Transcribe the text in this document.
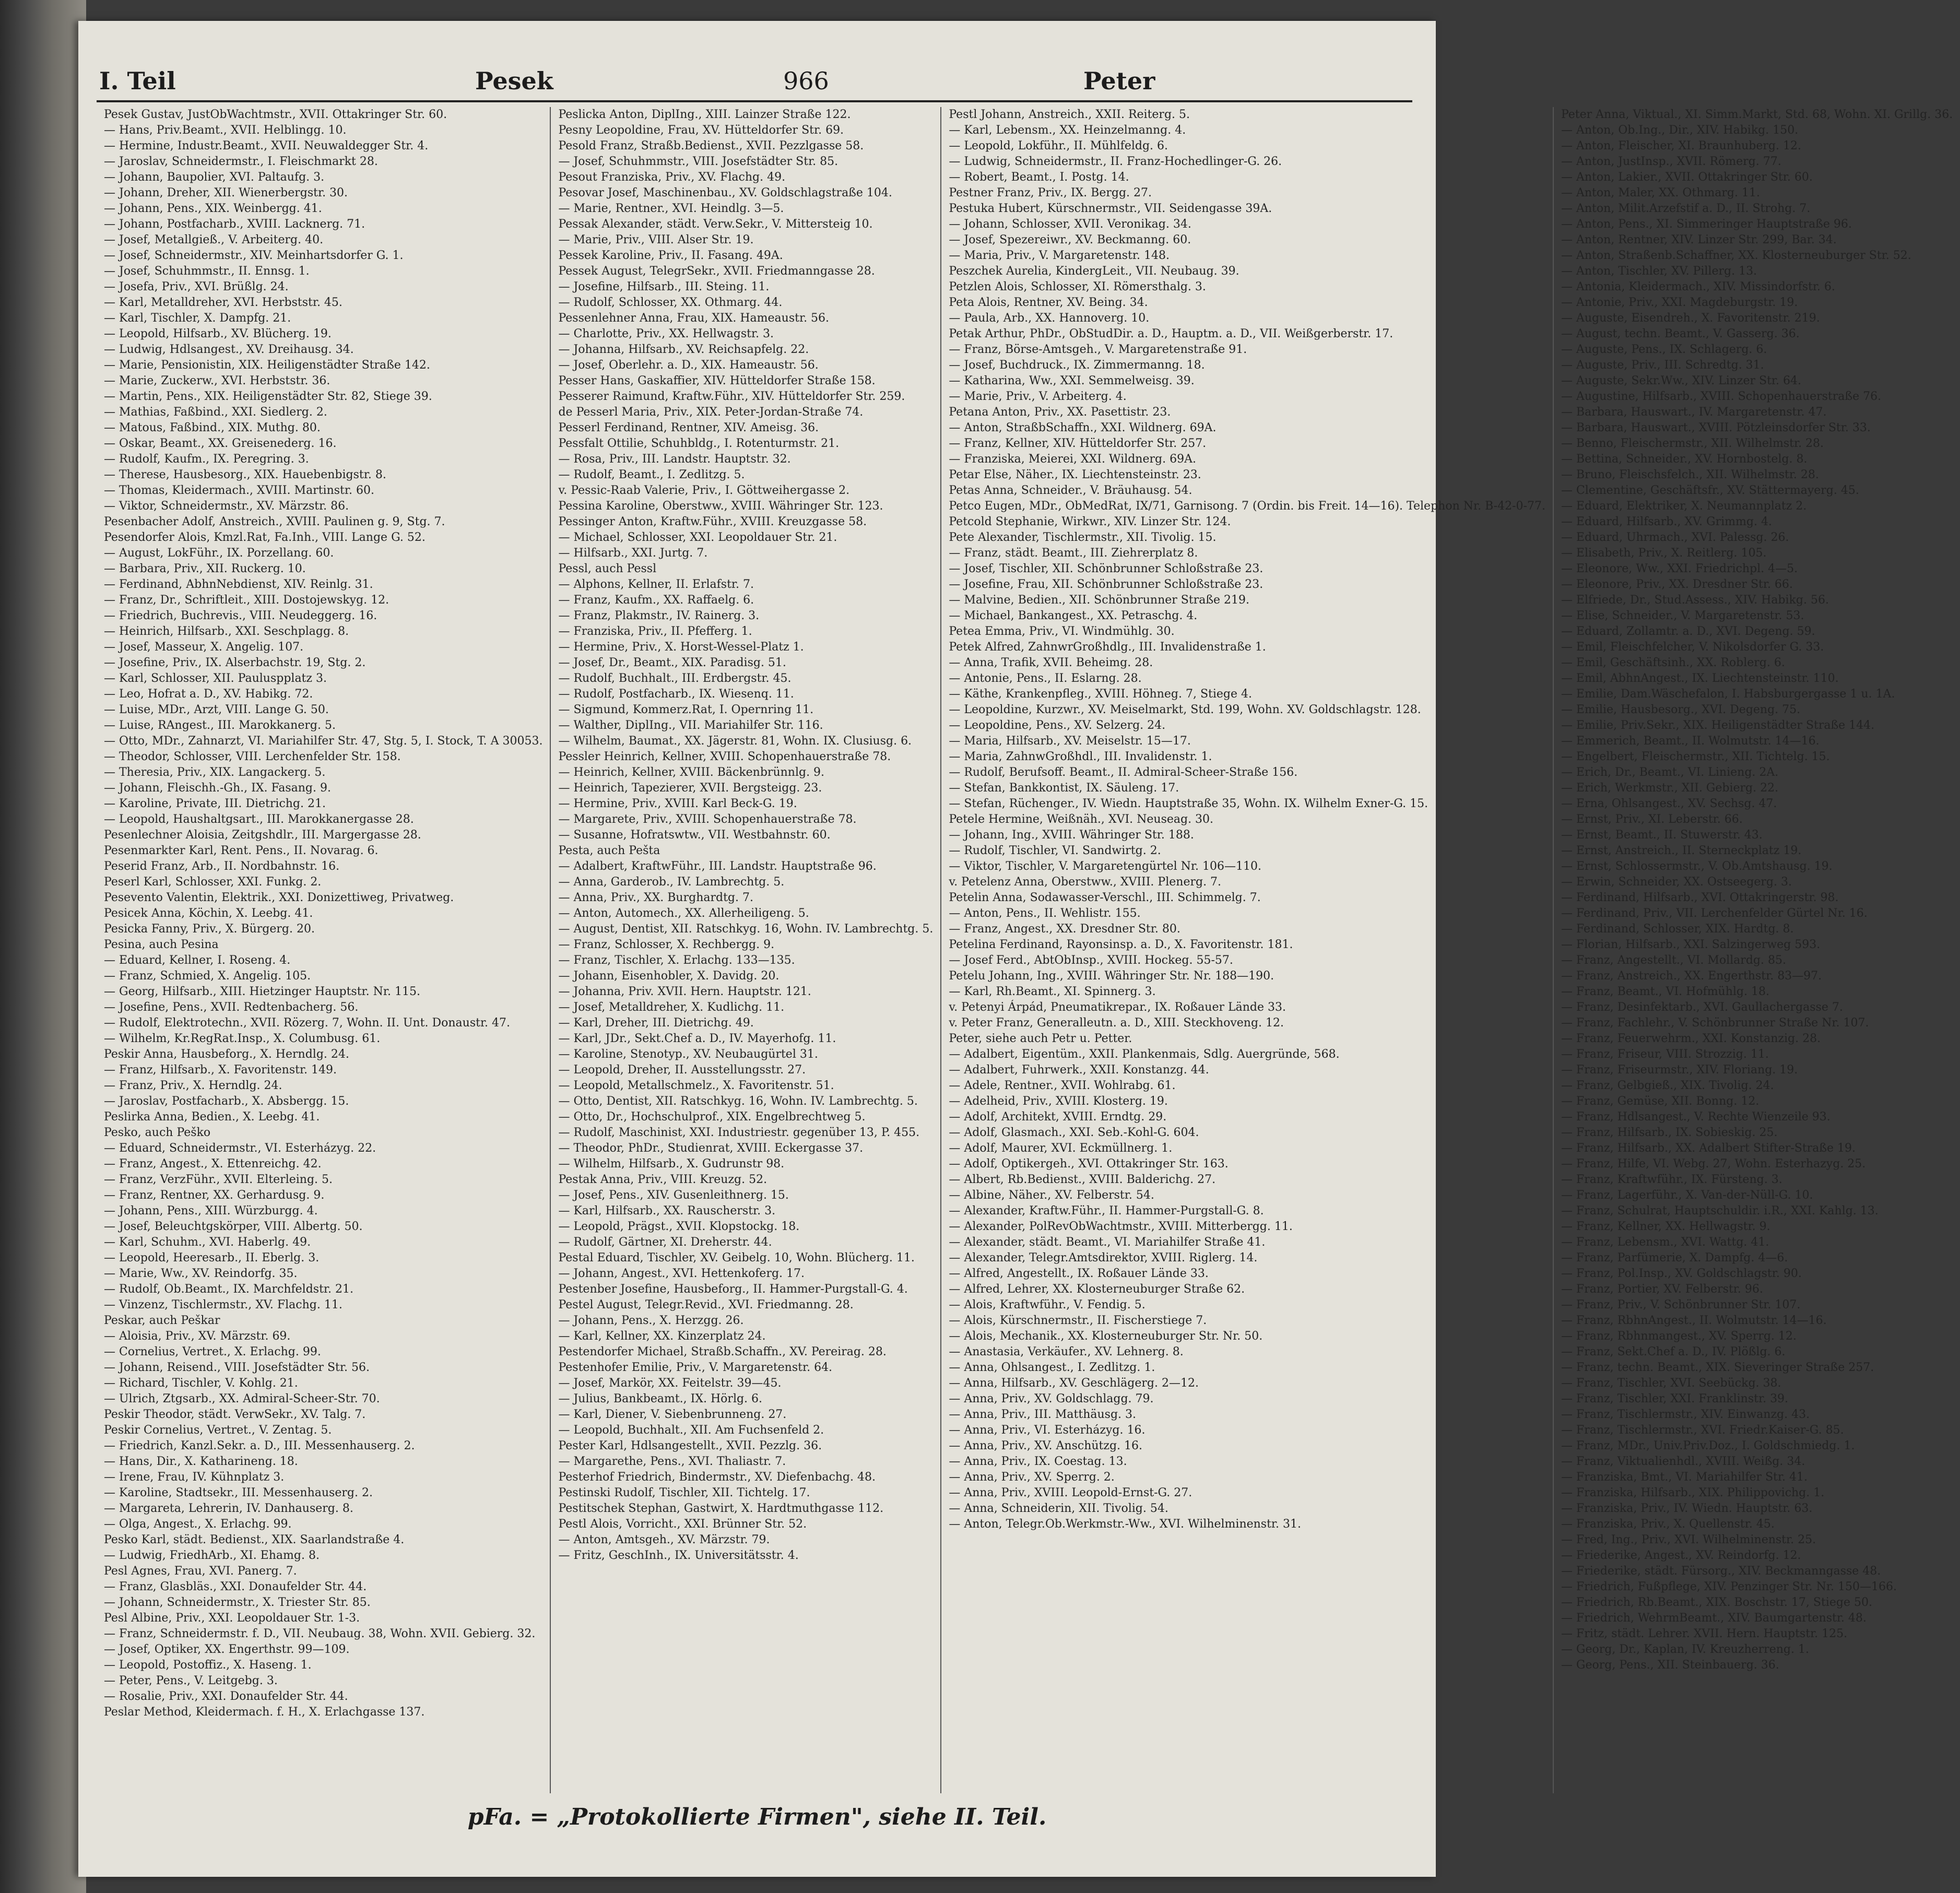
I. Teil	Pesek	966	Peter

Pesek Gustav, JustObWachtmstr., XVII. Ottakringer Str. 60.

— Hans, Priv.Beamt., XVII. Helblingg. 10.

— Hermine, Industr.Beamt., XVII. Neuwaldegger Str. 4.

— Jaroslav, Schneidermstr., I. Fleischmarkt 28.

— Johann, Baupolier, XVI. Paltaufg. 3.

— Johann, Dreher, XII. Wienerbergstr. 30.

— Johann, Pens., XIX. Weinbergg. 41.

— Johann, Postfacharb., XVIII. Lacknerg. 71.

— Josef, Metallgieß., V. Arbeiterg. 40.

— Josef, Schneidermstr., XIV. Meinhartsdorfer G. 1.

— Josef, Schuhmmstr., II. Ennsg. 1.

— Josefa, Priv., XVI. Brüßlg. 24.

— Karl, Metalldreher, XVI. Herbststr. 45.

— Karl, Tischler, X. Dampfg. 21.

— Leopold, Hilfsarb., XV. Blücherg. 19.

— Ludwig, Hdlsangest., XV. Dreihausg. 34.

— Marie, Pensionistin, XIX. Heiligenstädter Straße 142.

— Marie, Zuckerw., XVI. Herbststr. 36.

— Martin, Pens., XIX. Heiligenstädter Str. 82, Stiege 39.

— Mathias, Faßbind., XXI. Siedlerg. 2.

— Matous, Faßbind., XIX. Muthg. 80.

— Oskar, Beamt., XX. Greisenederg. 16.

— Rudolf, Kaufm., IX. Peregring. 3.

— Therese, Hausbesorg., XIX. Hauebenbigstr. 8.

— Thomas, Kleidermach., XVIII. Martinstr. 60.

— Viktor, Schneidermstr., XV. Märzstr. 86.

Pesenbacher Adolf, Anstreich., XVIII. Paulinen g. 9, Stg. 7.

Pesendorfer Alois, Kmzl.Rat, Fa.Inh., VIII. Lange G. 52.

— August, LokFühr., IX. Porzellang. 60.

— Barbara, Priv., XII. Ruckerg. 10.

— Ferdinand, AbhnNebdienst, XIV. Reinlg. 31.

— Franz, Dr., Schriftleit., XIII. Dostojewskyg. 12.

— Friedrich, Buchrevis., VIII. Neudeggerg. 16.

— Heinrich, Hilfsarb., XXI. Seschplagg. 8.

— Josef, Masseur, X. Angelig. 107.

— Josefine, Priv., IX. Alserbachstr. 19, Stg. 2.

— Karl, Schlosser, XII. Pauluspplatz 3.

— Leo, Hofrat a. D., XV. Habikg. 72.

— Luise, MDr., Arzt, VIII. Lange G. 50.

— Luise, RAngest., III. Marokkanerg. 5.

— Otto, MDr., Zahnarzt, VI. Mariahilfer Str. 47, Stg. 5, I. Stock, T. A 30053.

— Theodor, Schlosser, VIII. Lerchenfelder Str. 158.

— Theresia, Priv., XIX. Langackerg. 5.

— Johann, Fleischh.-Gh., IX. Fasang. 9.

— Karoline, Private, III. Dietrichg. 21.

— Leopold, Haushaltgsart., III. Marokkanergasse 28.

Pesenlechner Aloisia, Zeitgshdlr., III. Margergasse 28.

Pesenmarkter Karl, Rent. Pens., II. Novarag. 6.

Peserid Franz, Arb., II. Nordbahnstr. 16.

Peserl Karl, Schlosser, XXI. Funkg. 2.

Pesevento Valentin, Elektrik., XXI. Donizettiweg, Privatweg.

Pesicek Anna, Köchin, X. Leebg. 41.

Pesicka Fanny, Priv., X. Bürgerg. 20.

Pesina, auch Pesina

— Eduard, Kellner, I. Roseng. 4.

— Franz, Schmied, X. Angelig. 105.

— Georg, Hilfsarb., XIII. Hietzinger Hauptstr. Nr. 115.

— Josefine, Pens., XVII. Redtenbacherg. 56.

— Rudolf, Elektrotechn., XVII. Rözerg. 7, Wohn. II. Unt. Donaustr. 47.

— Wilhelm, Kr.RegRat.Insp., X. Columbusg. 61.

Peskir Anna, Hausbeforg., X. Herndlg. 24.

— Franz, Hilfsarb., X. Favoritenstr. 149.

— Franz, Priv., X. Herndlg. 24.

— Jaroslav, Postfacharb., X. Absbergg. 15.

Peslirka Anna, Bedien., X. Leebg. 41.

Pesko, auch Peško

— Eduard, Schneidermstr., VI. Esterházyg. 22.

— Franz, Angest., X. Ettenreichg. 42.

— Franz, VerzFühr., XVII. Elterleing. 5.

— Franz, Rentner, XX. Gerhardusg. 9.

— Johann, Pens., XIII. Würzburgg. 4.

— Josef, Beleuchtgskörper, VIII. Albertg. 50.

— Karl, Schuhm., XVI. Haberlg. 49.

— Leopold, Heeresarb., II. Eberlg. 3.

— Marie, Ww., XV. Reindorfg. 35.

— Rudolf, Ob.Beamt., IX. Marchfeldstr. 21.

— Vinzenz, Tischlermstr., XV. Flachg. 11.

Peskar, auch Peškar

— Aloisia, Priv., XV. Märzstr. 69.

— Cornelius, Vertret., X. Erlachg. 99.

— Johann, Reisend., VIII. Josefstädter Str. 56.

— Richard, Tischler, V. Kohlg. 21.

— Ulrich, Ztgsarb., XX. Admiral-Scheer-Str. 70.

Peskir Theodor, städt. VerwSekr., XV. Talg. 7.

Peskir Cornelius, Vertret., V. Zentag. 5.

— Friedrich, Kanzl.Sekr. a. D., III. Messenhauserg. 2.

— Hans, Dir., X. Katharineng. 18.

— Irene, Frau, IV. Kühnplatz 3.

— Karoline, Stadtsekr., III. Messenhauserg. 2.

— Margareta, Lehrerin, IV. Danhauserg. 8.

— Olga, Angest., X. Erlachg. 99.

Pesko Karl, städt. Bedienst., XIX. Saarlandstraße 4.

— Ludwig, FriedhArb., XI. Ehamg. 8.

Pesl Agnes, Frau, XVI. Panerg. 7.

— Franz, Glasbläs., XXI. Donaufelder Str. 44.

— Johann, Schneidermstr., X. Triester Str. 85.

Pesl Albine, Priv., XXI. Leopoldauer Str. 1-3.

— Franz, Schneidermstr. f. D., VII. Neubaug. 38, Wohn. XVII. Gebierg. 32.

— Josef, Optiker, XX. Engerthstr. 99—109.

— Leopold, Postoffiz., X. Haseng. 1.

— Peter, Pens., V. Leitgebg. 3.

— Rosalie, Priv., XXI. Donaufelder Str. 44.

Peslar Method, Kleidermach. f. H., X. Erlachgasse 137.

Peslicka Anton, DiplIng., XIII. Lainzer Straße 122.

Pesny Leopoldine, Frau, XV. Hütteldorfer Str. 69.

Pesold Franz, Straßb.Bedienst., XVII. Pezzlgasse 58.

— Josef, Schuhmmstr., VIII. Josefstädter Str. 85.

Pesout Franziska, Priv., XV. Flachg. 49.

Pesovar Josef, Maschinenbau., XV. Goldschlagstraße 104.

— Marie, Rentner., XVI. Heindlg. 3—5.

Pessak Alexander, städt. Verw.Sekr., V. Mittersteig 10.

— Marie, Priv., VIII. Alser Str. 19.

Pessek Karoline, Priv., II. Fasang. 49A.

Pessek August, TelegrSekr., XVII. Friedmanngasse 28.

— Josefine, Hilfsarb., III. Steing. 11.

— Rudolf, Schlosser, XX. Othmarg. 44.

Pessenlehner Anna, Frau, XIX. Hameaustr. 56.

— Charlotte, Priv., XX. Hellwagstr. 3.

— Johanna, Hilfsarb., XV. Reichsapfelg. 22.

— Josef, Oberlehr. a. D., XIX. Hameaustr. 56.

Pesser Hans, Gaskaffier, XIV. Hütteldorfer Straße 158.

Pesserer Raimund, Kraftw.Führ., XIV. Hütteldorfer Str. 259.

de Pesserl Maria, Priv., XIX. Peter-Jordan-Straße 74.

Pesserl Ferdinand, Rentner, XIV. Ameisg. 36.

Pessfalt Ottilie, Schuhbldg., I. Rotenturmstr. 21.

— Rosa, Priv., III. Landstr. Hauptstr. 32.

— Rudolf, Beamt., I. Zedlitzg. 5.

v. Pessic-Raab Valerie, Priv., I. Göttweihergasse 2.

Pessina Karoline, Oberstww., XVIII. Währinger Str. 123.

Pessinger Anton, Kraftw.Führ., XVIII. Kreuzgasse 58.

— Michael, Schlosser, XXI. Leopoldauer Str. 21.

— Hilfsarb., XXI. Jurtg. 7.

Pessl, auch Pessl

— Alphons, Kellner, II. Erlafstr. 7.

— Franz, Kaufm., XX. Raffaelg. 6.

— Franz, Plakmstr., IV. Rainerg. 3.

— Franziska, Priv., II. Pfefferg. 1.

— Hermine, Priv., X. Horst-Wessel-Platz 1.

— Josef, Dr., Beamt., XIX. Paradisg. 51.

— Rudolf, Buchhalt., III. Erdbergstr. 45.

— Rudolf, Postfacharb., IX. Wiesenq. 11.

— Sigmund, Kommerz.Rat, I. Opernring 11.

— Walther, DiplIng., VII. Mariahilfer Str. 116.

— Wilhelm, Baumat., XX. Jägerstr. 81, Wohn. IX. Clusiusg. 6.

Pessler Heinrich, Kellner, XVIII. Schopenhauerstraße 78.

— Heinrich, Kellner, XVIII. Bäckenbrünnlg. 9.

— Heinrich, Tapezierer, XVII. Bergsteigg. 23.

— Hermine, Priv., XVIII. Karl Beck-G. 19.

— Margarete, Priv., XVIII. Schopenhauerstraße 78.

— Susanne, Hofratswtw., VII. Westbahnstr. 60.

Pesta, auch Pešta

— Adalbert, KraftwFühr., III. Landstr. Hauptstraße 96.

— Anna, Garderob., IV. Lambrechtg. 5.

— Anna, Priv., XX. Burghardtg. 7.

— Anton, Automech., XX. Allerheiligeng. 5.

— August, Dentist, XII. Ratschkyg. 16, Wohn. IV. Lambrechtg. 5.

— Franz, Schlosser, X. Rechbergg. 9.

— Franz, Tischler, X. Erlachg. 133—135.

— Johann, Eisenhobler, X. Davidg. 20.

— Johanna, Priv. XVII. Hern. Hauptstr. 121.

— Josef, Metalldreher, X. Kudlichg. 11.

— Karl, Dreher, III. Dietrichg. 49.

— Karl, JDr., Sekt.Chef a. D., IV. Mayerhofg. 11.

— Karoline, Stenotyp., XV. Neubaugürtel 31.

— Leopold, Dreher, II. Ausstellungsstr. 27.

— Leopold, Metallschmelz., X. Favoritenstr. 51.

— Otto, Dentist, XII. Ratschkyg. 16, Wohn. IV. Lambrechtg. 5.

— Otto, Dr., Hochschulprof., XIX. Engelbrechtweg 5.

— Rudolf, Maschinist, XXI. Industriestr. gegenüber 13, P. 455.

— Theodor, PhDr., Studienrat, XVIII. Eckergasse 37.

— Wilhelm, Hilfsarb., X. Gudrunstr 98.

Pestak Anna, Priv., VIII. Kreuzg. 52.

— Josef, Pens., XIV. Gusenleithnerg. 15.

— Karl, Hilfsarb., XX. Rauscherstr. 3.

— Leopold, Prägst., XVII. Klopstockg. 18.

— Rudolf, Gärtner, XI. Dreherstr. 44.

Pestal Eduard, Tischler, XV. Geibelg. 10, Wohn. Blücherg. 11.

— Johann, Angest., XVI. Hettenkoferg. 17.

Pestenber Josefine, Hausbeforg., II. Hammer-Purgstall-G. 4.

Pestel August, Telegr.Revid., XVI. Friedmanng. 28.

— Johann, Pens., X. Herzgg. 26.

— Karl, Kellner, XX. Kinzerplatz 24.

Pestendorfer Michael, Straßb.Schaffn., XV. Pereirag. 28.

Pestenhofer Emilie, Priv., V. Margaretenstr. 64.

— Josef, Markör, XX. Feitelstr. 39—45.

— Julius, Bankbeamt., IX. Hörlg. 6.

— Karl, Diener, V. Siebenbrunneng. 27.

— Leopold, Buchhalt., XII. Am Fuchsenfeld 2.

Pester Karl, Hdlsangestellt., XVII. Pezzlg. 36.

— Margarethe, Pens., XVI. Thaliastr. 7.

Pesterhof Friedrich, Bindermstr., XV. Diefenbachg. 48.

Pestinski Rudolf, Tischler, XII. Tichtelg. 17.

Pestitschek Stephan, Gastwirt, X. Hardtmuthgasse 112.

Pestl Alois, Vorricht., XXI. Brünner Str. 52.

— Anton, Amtsgeh., XV. Märzstr. 79.

— Fritz, GeschInh., IX. Universitätsstr. 4.

Pestl Johann, Anstreich., XXII. Reiterg. 5.

— Karl, Lebensm., XX. Heinzelmanng. 4.

— Leopold, Lokführ., II. Mühlfeldg. 6.

— Ludwig, Schneidermstr., II. Franz-Hochedlinger-G. 26.

— Robert, Beamt., I. Postg. 14.

Pestner Franz, Priv., IX. Bergg. 27.

Pestuka Hubert, Kürschnermstr., VII. Seidengasse 39A.

— Johann, Schlosser, XVII. Veronikag. 34.

— Josef, Spezereiwr., XV. Beckmanng. 60.

— Maria, Priv., V. Margaretenstr. 148.

Peszchek Aurelia, KindergLeit., VII. Neubaug. 39.

Petzlen Alois, Schlosser, XI. Römersthalg. 3.

Peta Alois, Rentner, XV. Being. 34.

— Paula, Arb., XX. Hannoverg. 10.

Petak Arthur, PhDr., ObStudDir. a. D., Hauptm. a. D., VII. Weißgerberstr. 17.

— Franz, Börse-Amtsgeh., V. Margaretenstraße 91.

— Josef, Buchdruck., IX. Zimmermanng. 18.

— Katharina, Ww., XXI. Semmelweisg. 39.

— Marie, Priv., V. Arbeiterg. 4.

Petana Anton, Priv., XX. Pasettistr. 23.

— Anton, StraßbSchaffn., XXI. Wildnerg. 69A.

— Franz, Kellner, XIV. Hütteldorfer Str. 257.

— Franziska, Meierei, XXI. Wildnerg. 69A.

Petar Else, Näher., IX. Liechtensteinstr. 23.

Petas Anna, Schneider., V. Bräuhausg. 54.

Petco Eugen, MDr., ObMedRat, IX/71, Garnisong. 7 (Ordin. bis Freit. 14—16). Telephon Nr. B-42-0-77.

Petcold Stephanie, Wirkwr., XIV. Linzer Str. 124.

Pete Alexander, Tischlermstr., XII. Tivolig. 15.

— Franz, städt. Beamt., III. Ziehrerplatz 8.

— Josef, Tischler, XII. Schönbrunner Schloßstraße 23.

— Josefine, Frau, XII. Schönbrunner Schloßstraße 23.

— Malvine, Bedien., XII. Schönbrunner Straße 219.

— Michael, Bankangest., XX. Petraschg. 4.

Petea Emma, Priv., VI. Windmühlg. 30.

Petek Alfred, ZahnwrGroßhdlg., III. Invalidenstraße 1.

— Anna, Trafik, XVII. Beheimg. 28.

— Antonie, Pens., II. Eslarng. 28.

— Käthe, Krankenpfleg., XVIII. Höhneg. 7, Stiege 4.

— Leopoldine, Kurzwr., XV. Meiselmarkt, Std. 199, Wohn. XV. Goldschlagstr. 128.

— Leopoldine, Pens., XV. Selzerg. 24.

— Maria, Hilfsarb., XV. Meiselstr. 15—17.

— Maria, ZahnwGroßhdl., III. Invalidenstr. 1.

— Rudolf, Berufsoff. Beamt., II. Admiral-Scheer-Straße 156.

— Stefan, Bankkontist, IX. Säuleng. 17.

— Stefan, Rüchenger., IV. Wiedn. Hauptstraße 35, Wohn. IX. Wilhelm Exner-G. 15.

Petele Hermine, Weißnäh., XVI. Neuseag. 30.

— Johann, Ing., XVIII. Währinger Str. 188.

— Rudolf, Tischler, VI. Sandwirtg. 2.

— Viktor, Tischler, V. Margaretengürtel Nr. 106—110.

v. Petelenz Anna, Oberstww., XVIII. Plenerg. 7.

Petelin Anna, Sodawasser-Verschl., III. Schimmelg. 7.

— Anton, Pens., II. Wehlistr. 155.

— Franz, Angest., XX. Dresdner Str. 80.

Petelina Ferdinand, Rayonsinsp. a. D., X. Favoritenstr. 181.

— Josef Ferd., AbtObInsp., XVIII. Hockeg. 55-57.

Petelu Johann, Ing., XVIII. Währinger Str. Nr. 188—190.

— Karl, Rh.Beamt., XI. Spinnerg. 3.

v. Petenyi Árpád, Pneumatikrepar., IX. Roßauer Lände 33.

v. Peter Franz, Generalleutn. a. D., XIII. Steckhoveng. 12.

Peter, siehe auch Petr u. Petter.

— Adalbert, Eigentüm., XXII. Plankenmais, Sdlg. Auergründe, 568.

— Adalbert, Fuhrwerk., XXII. Konstanzg. 44.

— Adele, Rentner., XVII. Wohlrabg. 61.

— Adelheid, Priv., XVIII. Klosterg. 19.

— Adolf, Architekt, XVIII. Erndtg. 29.

— Adolf, Glasmach., XXI. Seb.-Kohl-G. 604.

— Adolf, Maurer, XVI. Eckmüllnerg. 1.

— Adolf, Optikergeh., XVI. Ottakringer Str. 163.

— Albert, Rb.Bedienst., XVIII. Balderichg. 27.

— Albine, Näher., XV. Felberstr. 54.

— Alexander, Kraftw.Führ., II. Hammer-Purgstall-G. 8.

— Alexander, PolRevObWachtmstr., XVIII. Mitterbergg. 11.

— Alexander, städt. Beamt., VI. Mariahilfer Straße 41.

— Alexander, Telegr.Amtsdirektor, XVIII. Riglerg. 14.

— Alfred, Angestellt., IX. Roßauer Lände 33.

— Alfred, Lehrer, XX. Klosterneuburger Straße 62.

— Alois, Kraftwführ., V. Fendig. 5.

— Alois, Kürschnermstr., II. Fischerstiege 7.

— Alois, Mechanik., XX. Klosterneuburger Str. Nr. 50.

— Anastasia, Verkäufer., XV. Lehnerg. 8.

— Anna, Ohlsangest., I. Zedlitzg. 1.

— Anna, Hilfsarb., XV. Geschlägerg. 2—12.

— Anna, Priv., XV. Goldschlagg. 79.

— Anna, Priv., III. Matthäusg. 3.

— Anna, Priv., VI. Esterházyg. 16.

— Anna, Priv., XV. Anschützg. 16.

— Anna, Priv., IX. Coestag. 13.

— Anna, Priv., XV. Sperrg. 2.

— Anna, Priv., XVIII. Leopold-Ernst-G. 27.

— Anna, Schneiderin, XII. Tivolig. 54.

— Anton, Telegr.Ob.Werkmstr.-Ww., XVI. Wilhelminenstr. 31.

Peter Anna, Viktual., XI. Simm.Markt, Std. 68, Wohn. XI. Grillg. 36.

— Anton, Ob.Ing., Dir., XIV. Habikg. 150.

— Anton, Fleischer, XI. Braunhuberg. 12.

— Anton, JustInsp., XVII. Römerg. 77.

— Anton, Lakier., XVII. Ottakringer Str. 60.

— Anton, Maler, XX. Othmarg. 11.

— Anton, Milit.Arzefstif a. D., II. Strohg. 7.

— Anton, Pens., XI. Simmeringer Hauptstraße 96.

— Anton, Rentner, XIV. Linzer Str. 299, Bar. 34.

— Anton, Straßenb.Schaffner, XX. Klosterneuburger Str. 52.

— Anton, Tischler, XV. Pillerg. 13.

— Antonia, Kleidermach., XIV. Missindorfstr. 6.

— Antonie, Priv., XXI. Magdeburgstr. 19.

— Auguste, Eisendreh., X. Favoritenstr. 219.

— August, techn. Beamt., V. Gasserg. 36.

— Auguste, Pens., IX. Schlagerg. 6.

— Auguste, Priv., III. Schredtg. 31.

— Auguste, Sekr.Ww., XIV. Linzer Str. 64.

— Augustine, Hilfsarb., XVIII. Schopenhauerstraße 76.

— Barbara, Hauswart., IV. Margaretenstr. 47.

— Barbara, Hauswart., XVIII. Pötzleinsdorfer Str. 33.

— Benno, Fleischermstr., XII. Wilhelmstr. 28.

— Bettina, Schneider., XV. Hornbostelg. 8.

— Bruno, Fleischsfelch., XII. Wilhelmstr. 28.

— Clementine, Geschäftsfr., XV. Stättermayerg. 45.

— Eduard, Elektriker, X. Neumannplatz 2.

— Eduard, Hilfsarb., XV. Grimmg. 4.

— Eduard, Uhrmach., XVI. Palessg. 26.

— Elisabeth, Priv., X. Reitlerg. 105.

— Eleonore, Ww., XXI. Friedrichpl. 4—5.

— Eleonore, Priv., XX. Dresdner Str. 66.

— Elfriede, Dr., Stud.Assess., XIV. Habikg. 56.

— Elise, Schneider., V. Margaretenstr. 53.

— Eduard, Zollamtr. a. D., XVI. Degeng. 59.

— Emil, Fleischfelcher, V. Nikolsdorfer G. 33.

— Emil, Geschäftsinh., XX. Roblerg. 6.

— Emil, AbhnAngest., IX. Liechtensteinstr. 110.

— Emilie, Dam.Wäschefalon, I. Habsburgergasse 1 u. 1A.

— Emilie, Hausbesorg., XVI. Degeng. 75.

— Emilie, Priv.Sekr., XIX. Heiligenstädter Straße 144.

— Emmerich, Beamt., II. Wolmutstr. 14—16.

— Engelbert, Fleischermstr., XII. Tichtelg. 15.

— Erich, Dr., Beamt., VI. Linieng. 2A.

— Erich, Werkmstr., XII. Gebierg. 22.

— Erna, Ohlsangest., XV. Sechsg. 47.

— Ernst, Priv., XI. Leberstr. 66.

— Ernst, Beamt., II. Stuwerstr. 43.

— Ernst, Anstreich., II. Sterneckplatz 19.

— Ernst, Schlossermstr., V. Ob.Amtshausg. 19.

— Erwin, Schneider, XX. Ostseegerg. 3.

— Ferdinand, Hilfsarb., XVI. Ottakringerstr. 98.

— Ferdinand, Priv., VII. Lerchenfelder Gürtel Nr. 16.

— Ferdinand, Schlosser, XIX. Hardtg. 8.

— Florian, Hilfsarb., XXI. Salzingerweg 593.

— Franz, Angestellt., VI. Mollardg. 85.

— Franz, Anstreich., XX. Engerthstr. 83—97.

— Franz, Beamt., VI. Hofmühlg. 18.

— Franz, Desinfektarb., XVI. Gaullachergasse 7.

— Franz, Fachlehr., V. Schönbrunner Straße Nr. 107.

— Franz, Feuerwehrm., XXI. Konstanzig. 28.

— Franz, Friseur, VIII. Strozzig. 11.

— Franz, Friseurmstr., XIV. Floriang. 19.

— Franz, Gelbgieß., XIX. Tivolig. 24.

— Franz, Gemüse, XII. Bonng. 12.

— Franz, Hdlsangest., V. Rechte Wienzeile 93.

— Franz, Hilfsarb., IX. Sobieskig. 25.

— Franz, Hilfsarb., XX. Adalbert Stifter-Straße 19.

— Franz, Hilfe, VI. Webg. 27, Wohn. Esterhazyg. 25.

— Franz, Kraftwführ., IX. Fürsteng. 3.

— Franz, Lagerführ., X. Van-der-Nüll-G. 10.

— Franz, Schulrat, Hauptschuldir. i.R., XXI. Kahlg. 13.

— Franz, Kellner, XX. Hellwagstr. 9.

— Franz, Lebensm., XVI. Wattg. 41.

— Franz, Parfümerie, X. Dampfg. 4—6.

— Franz, Pol.Insp., XV. Goldschlagstr. 90.

— Franz, Portier, XV. Felberstr. 96.

— Franz, Priv., V. Schönbrunner Str. 107.

— Franz, RbhnAngest., II. Wolmutstr. 14—16.

— Franz, Rbhnmangest., XV. Sperrg. 12.

— Franz, Sekt.Chef a. D., IV. Plößlg. 6.

— Franz, techn. Beamt., XIX. Sieveringer Straße 257.

— Franz, Tischler, XVI. Seebückg. 38.

— Franz, Tischler, XXI. Franklinstr. 39.

— Franz, Tischlermstr., XIV. Einwanzg. 43.

— Franz, Tischlermstr., XVI. Friedr.Kaiser-G. 85.

— Franz, MDr., Univ.Priv.Doz., I. Goldschmiedg. 1.

— Franz, Viktualienhdl., XVIII. Weißg. 34.

— Franziska, Bmt., VI. Mariahilfer Str. 41.

— Franziska, Hilfsarb., XIX. Philippovichg. 1.

— Franziska, Priv., IV. Wiedn. Hauptstr. 63.

— Franziska, Priv., X. Quellenstr. 45.

— Fred, Ing., Priv., XVI. Wilhelminenstr. 25.

— Friederike, Angest., XV. Reindorfg. 12.

— Friederike, städt. Fürsorg., XIV. Beckmanngasse 48.

— Friedrich, Fußpflege, XIV. Penzinger Str. Nr. 150—166.

— Friedrich, Rb.Beamt., XIX. Boschstr. 17, Stiege 50.

— Friedrich, WehrmBeamt., XIV. Baumgartenstr. 48.

— Fritz, städt. Lehrer. XVII. Hern. Hauptstr. 125.

— Georg, Dr., Kaplan, IV. Kreuzherreng. 1.

— Georg, Pens., XII. Steinbauerg. 36.

pFa. = „Protokollierte Firmen", siehe II. Teil.
